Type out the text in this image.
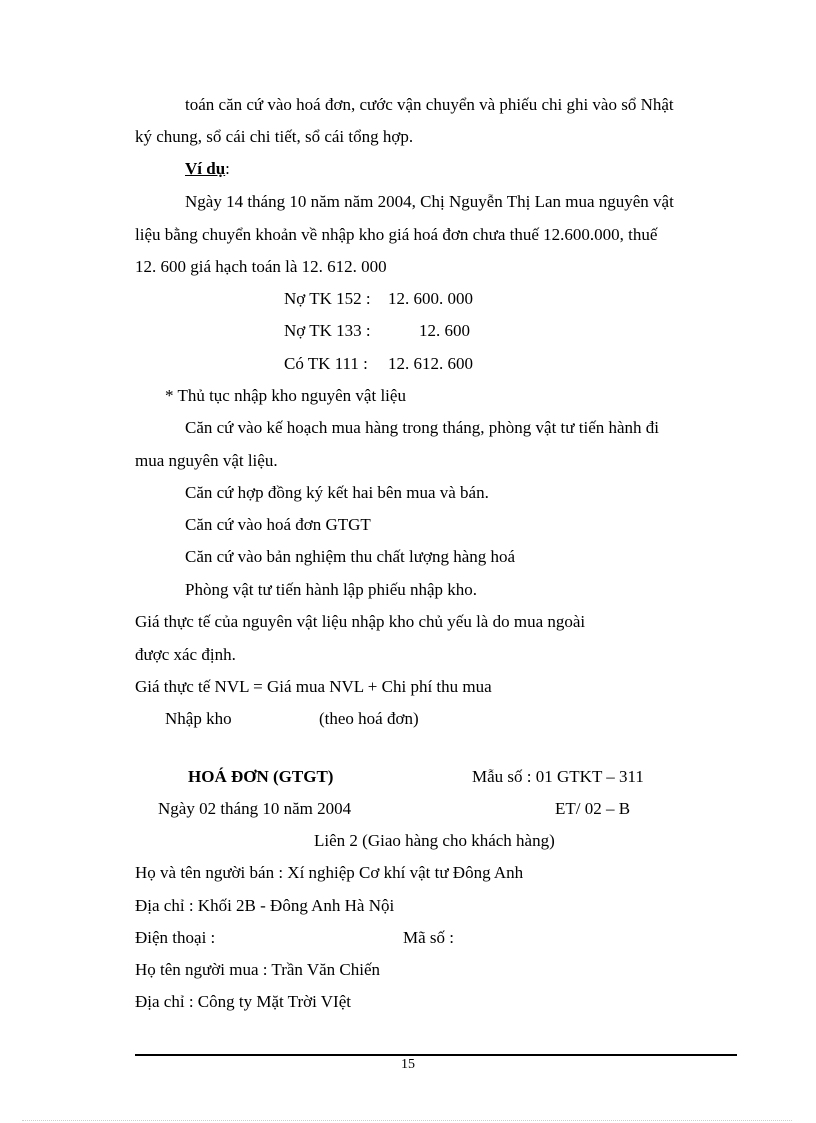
toán căn cứ vào hoá đơn, cước vận chuyển và phiếu chi ghi vào sổ Nhật
ký chung, sổ cái chi tiết, sổ cái tổng hợp.
Ví dụ:
Ngày 14 tháng 10 năm năm 2004, Chị Nguyễn Thị Lan mua nguyên vật
liệu bằng chuyển khoản về nhập kho giá hoá đơn chưa thuế 12.600.000, thuế
12. 600 giá hạch toán là 12. 612. 000
Nợ TK 152 : 12. 600. 000
Nợ TK 133 :	12. 600
Có TK 111 : 12. 612. 600
* Thủ tục nhập kho nguyên vật liệu
Căn cứ vào kế hoạch mua hàng trong tháng, phòng vật tư tiến hành đi
mua nguyên vật liệu.
Căn cứ hợp đồng ký kết hai bên mua và bán.
Căn cứ vào hoá đơn GTGT
Căn cứ vào bản nghiệm thu chất lượng hàng hoá
Phòng vật tư tiến hành lập phiếu nhập kho.
Giá thực tế của nguyên vật liệu nhập kho chủ yếu là do mua ngoài
được xác định.
Giá thực tế NVL = Giá mua NVL + Chi phí thu mua
Nhập kho	(theo hoá đơn)
HOÁ ĐƠN (GTGT)	Mẫu số : 01 GTKT – 311
Ngày 02 tháng 10 năm 2004	ET/ 02 – B
Liên 2 (Giao hàng cho khách hàng)
Họ và tên người bán : Xí nghiệp Cơ khí vật tư Đông Anh
Địa chỉ : Khối 2B - Đông Anh Hà Nội
Điện thoại :	Mã số :
Họ tên người mua : Trần Văn Chiến
Địa chỉ : Công ty Mặt Trời VIệt
15
